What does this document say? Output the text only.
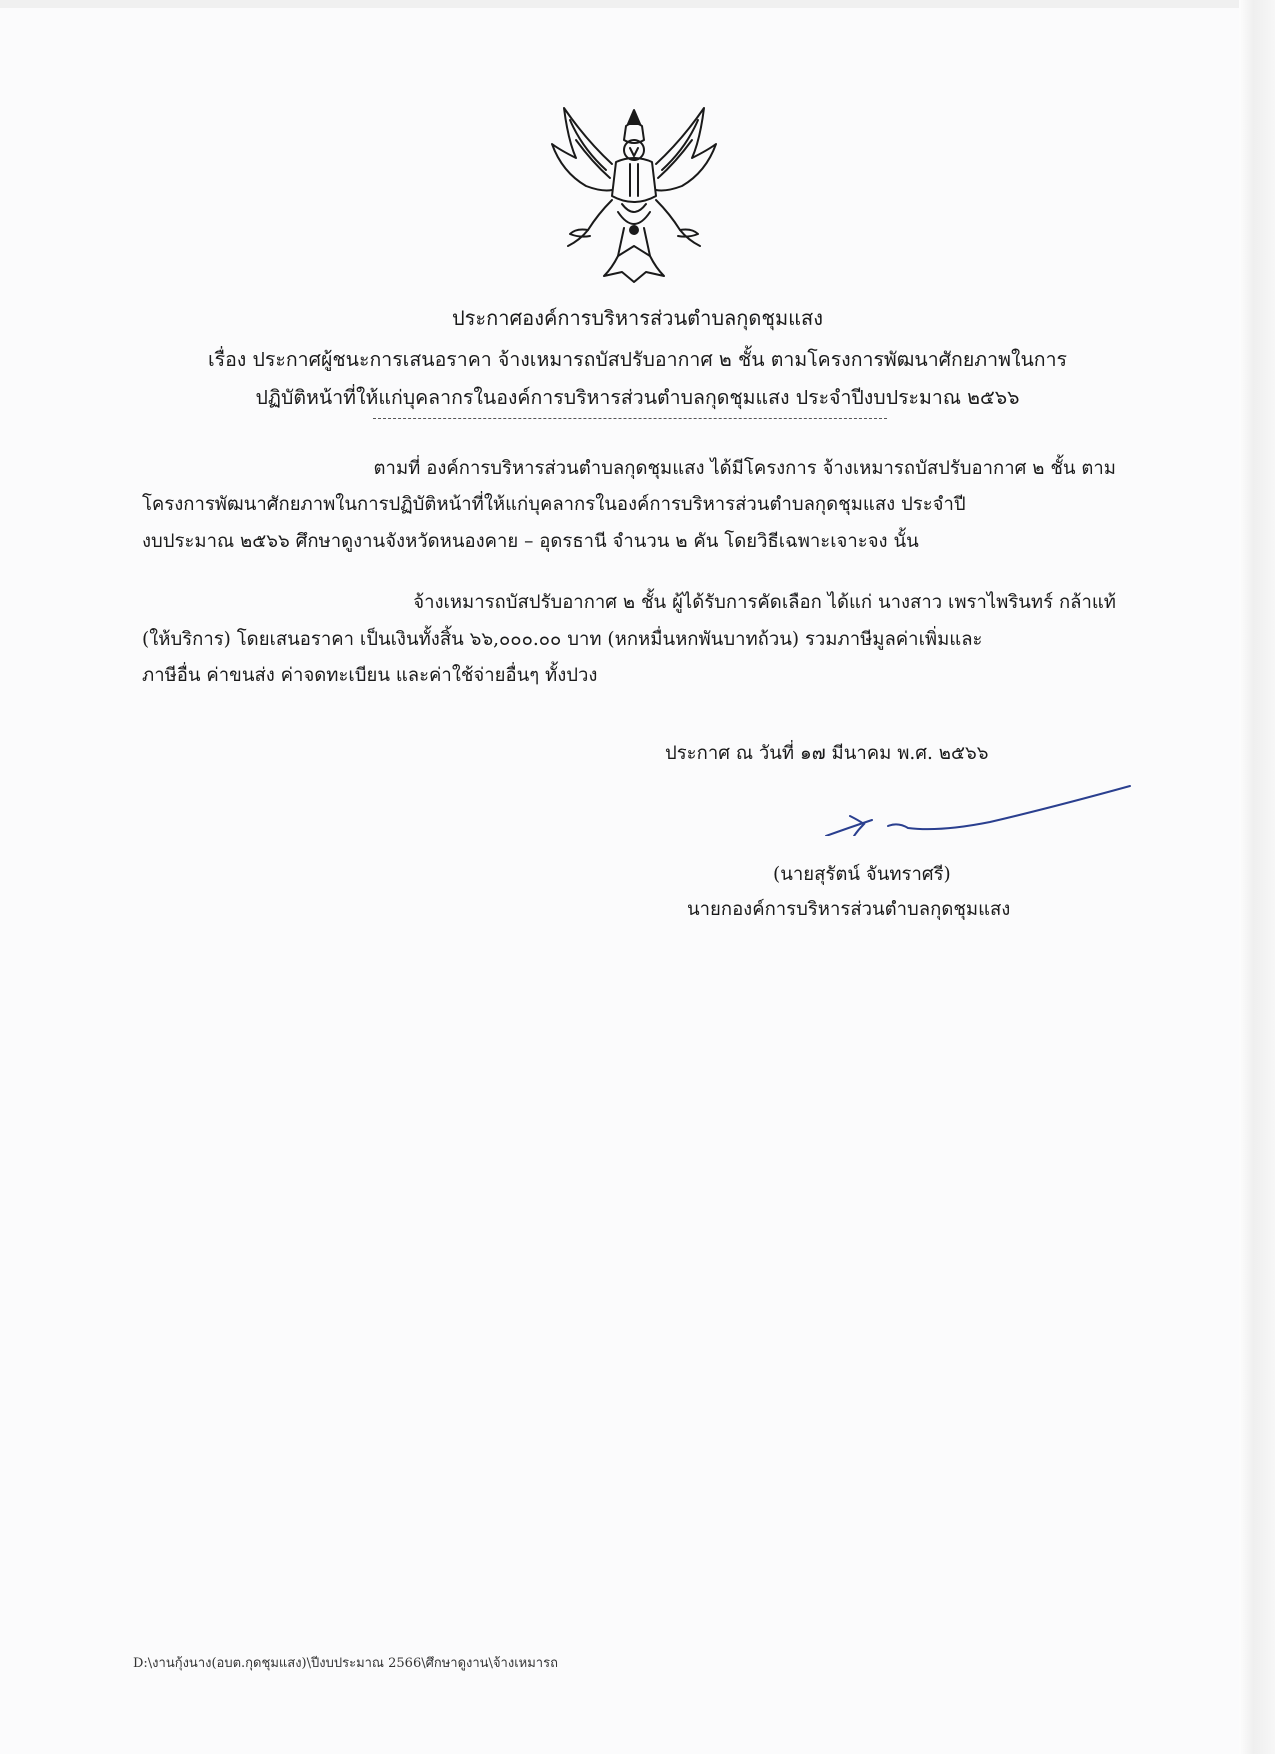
ประกาศองค์การบริหารส่วนตำบลกุดชุมแสง
เรื่อง ประกาศผู้ชนะการเสนอราคา จ้างเหมารถบัสปรับอากาศ ๒ ชั้น ตามโครงการพัฒนาศักยภาพในการ
ปฏิบัติหน้าที่ให้แก่บุคลากรในองค์การบริหารส่วนตำบลกุดชุมแสง ประจำปีงบประมาณ ๒๕๖๖
ตามที่ องค์การบริหารส่วนตำบลกุดชุมแสง ได้มีโครงการ จ้างเหมารถบัสปรับอากาศ ๒ ชั้น ตาม
โครงการพัฒนาศักยภาพในการปฏิบัติหน้าที่ให้แก่บุคลากรในองค์การบริหารส่วนตำบลกุดชุมแสง ประจำปี
งบประมาณ ๒๕๖๖ ศึกษาดูงานจังหวัดหนองคาย – อุดรธานี จำนวน ๒ คัน โดยวิธีเฉพาะเจาะจง นั้น
จ้างเหมารถบัสปรับอากาศ ๒ ชั้น ผู้ได้รับการคัดเลือก ได้แก่ นางสาว เพราไพรินทร์ กล้าแท้
(ให้บริการ) โดยเสนอราคา เป็นเงินทั้งสิ้น ๖๖,๐๐๐.๐๐ บาท (หกหมื่นหกพันบาทถ้วน) รวมภาษีมูลค่าเพิ่มและ
ภาษีอื่น ค่าขนส่ง ค่าจดทะเบียน และค่าใช้จ่ายอื่นๆ ทั้งปวง
ประกาศ ณ วันที่ ๑๗ มีนาคม พ.ศ. ๒๕๖๖
(นายสุรัตน์ จันทราศรี)
นายกองค์การบริหารส่วนตำบลกุดชุมแสง
D:\งานกุ้งนาง(อบต.กุดชุมแสง)\ปีงบประมาณ 2566\ศึกษาดูงาน\จ้างเหมารถ
